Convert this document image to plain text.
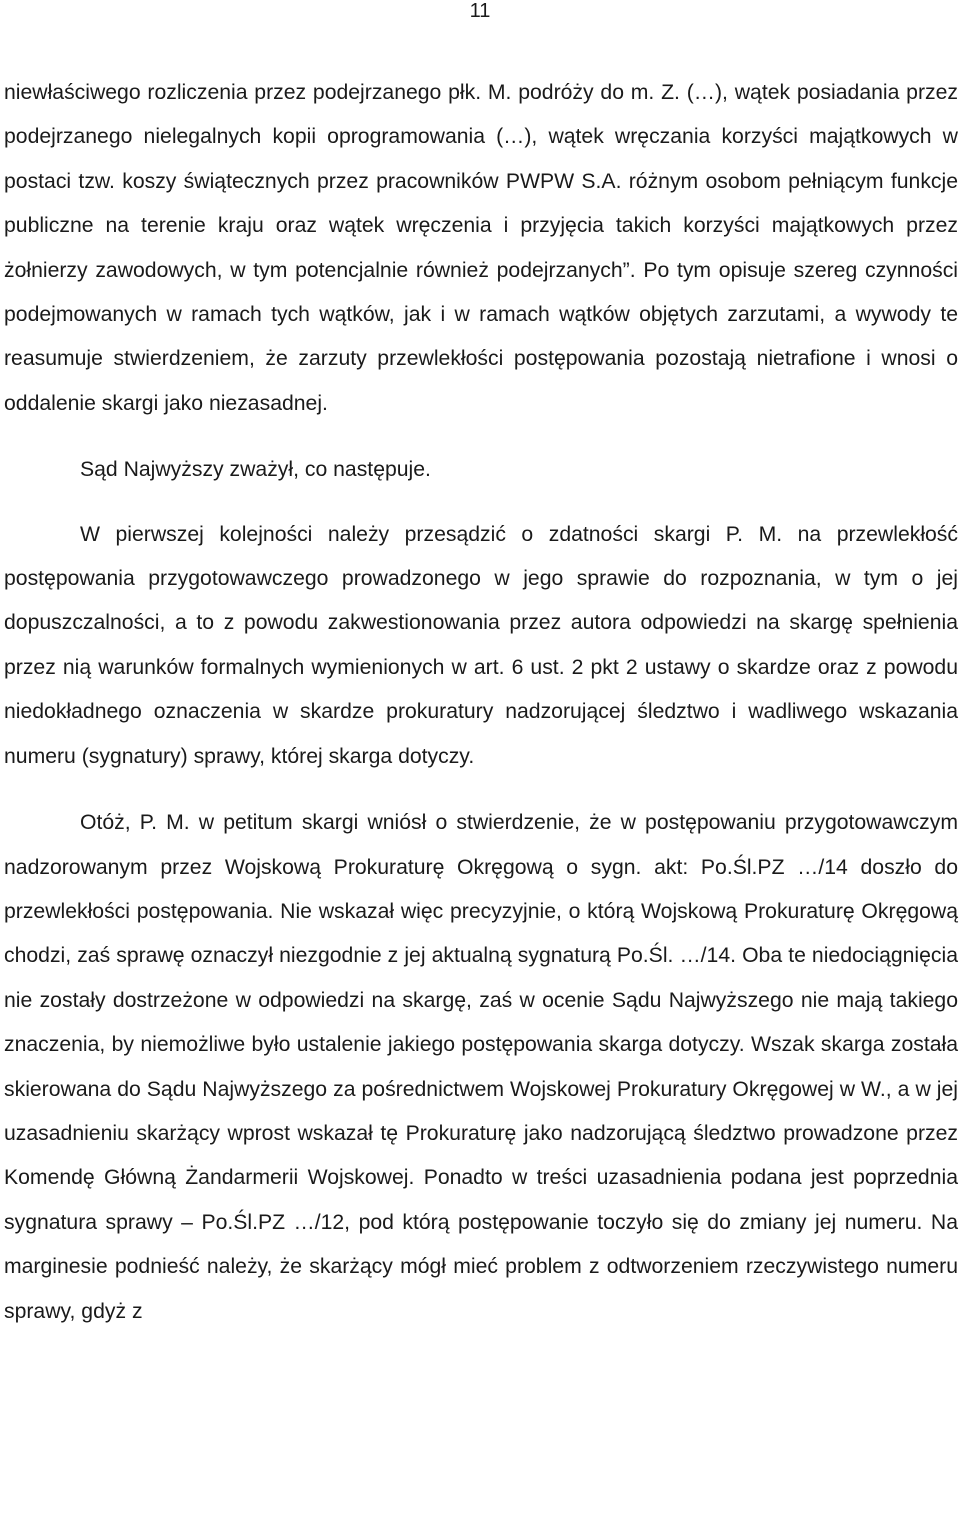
11

niewłaściwego rozliczenia przez podejrzanego płk. M. podróży do m. Z. (…), wątek posiadania przez podejrzanego nielegalnych kopii oprogramowania (…), wątek wręczania korzyści majątkowych w postaci tzw. koszy świątecznych przez pracowników PWPW S.A. różnym osobom pełniącym funkcje publiczne na terenie kraju oraz wątek wręczenia i przyjęcia takich korzyści majątkowych przez żołnierzy zawodowych, w tym potencjalnie również podejrzanych”. Po tym opisuje szereg czynności podejmowanych w ramach tych wątków, jak i w ramach wątków objętych zarzutami, a wywody te reasumuje stwierdzeniem, że zarzuty przewlekłości postępowania pozostają nietrafione i wnosi o oddalenie skargi jako niezasadnej.

Sąd Najwyższy zważył, co następuje.

W pierwszej kolejności należy przesądzić o zdatności skargi P. M. na przewlekłość postępowania przygotowawczego prowadzonego w jego sprawie do rozpoznania, w tym o jej dopuszczalności, a to z powodu zakwestionowania przez autora odpowiedzi na skargę spełnienia przez nią warunków formalnych wymienionych w art. 6 ust. 2 pkt 2 ustawy o skardze oraz z powodu niedokładnego oznaczenia w skardze prokuratury nadzorującej śledztwo i wadliwego wskazania numeru (sygnatury) sprawy, której skarga dotyczy.

Otóż, P. M. w petitum skargi wniósł o stwierdzenie, że w postępowaniu przygotowawczym nadzorowanym przez Wojskową Prokuraturę Okręgową o sygn. akt: Po.Śl.PZ …/14 doszło do przewlekłości postępowania. Nie wskazał więc precyzyjnie, o którą Wojskową Prokuraturę Okręgową chodzi, zaś sprawę oznaczył niezgodnie z jej aktualną sygnaturą Po.Śl. …/14. Oba te niedociągnięcia nie zostały dostrzeżone w odpowiedzi na skargę, zaś w ocenie Sądu Najwyższego nie mają takiego znaczenia, by niemożliwe było ustalenie jakiego postępowania skarga dotyczy. Wszak skarga została skierowana do Sądu Najwyższego za pośrednictwem Wojskowej Prokuratury Okręgowej w W., a w jej uzasadnieniu skarżący wprost wskazał tę Prokuraturę jako nadzorującą śledztwo prowadzone przez Komendę Główną Żandarmerii Wojskowej. Ponadto w treści uzasadnienia podana jest poprzednia sygnatura sprawy – Po.Śl.PZ …/12, pod którą postępowanie toczyło się do zmiany jej numeru. Na marginesie podnieść należy, że skarżący mógł mieć problem z odtworzeniem rzeczywistego numeru sprawy, gdyż z
